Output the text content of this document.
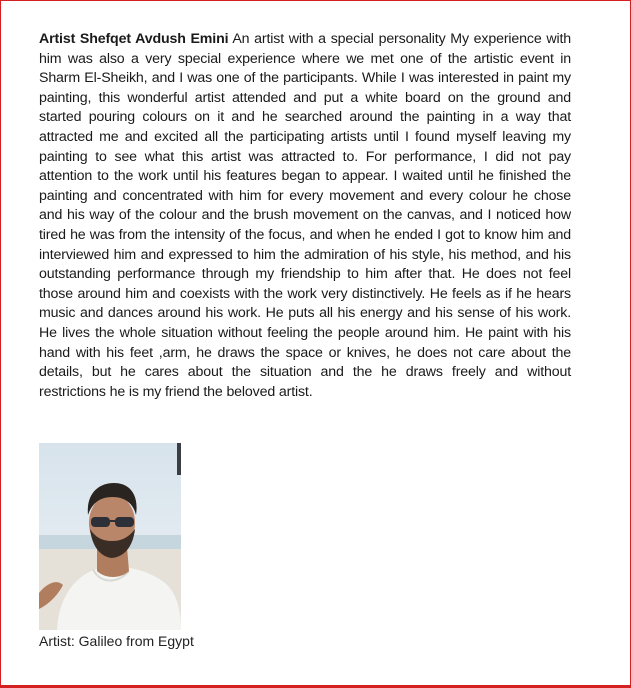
Artist Shefqet Avdush Emini An artist with a special personality My experience with him was also a very special experience where we met one of the artistic event in Sharm El-Sheikh, and I was one of the participants. While I was interested in paint my painting, this wonderful artist attended and put a white board on the ground and started pouring colours on it and he searched around the painting in a way that attracted me and excited all the participating artists until I found myself leaving my painting to see what this artist was attracted to. For performance, I did not pay attention to the work until his features began to appear. I waited until he finished the painting and concentrated with him for every movement and every colour he chose and his way of the colour and the brush movement on the canvas, and I noticed how tired he was from the intensity of the focus, and when he ended I got to know him and interviewed him and expressed to him the admiration of his style, his method, and his outstanding performance through my friendship to him after that. He does not feel those around him and coexists with the work very distinctively. He feels as if he hears music and dances around his work. He puts all his energy and his sense of his work. He lives the whole situation without feeling the people around him. He paint with his hand with his feet ,arm, he draws the space or knives, he does not care about the details, but he cares about the situation and the he draws freely and without restrictions he is my friend the beloved artist.

Artist: Galileo from Egypt
